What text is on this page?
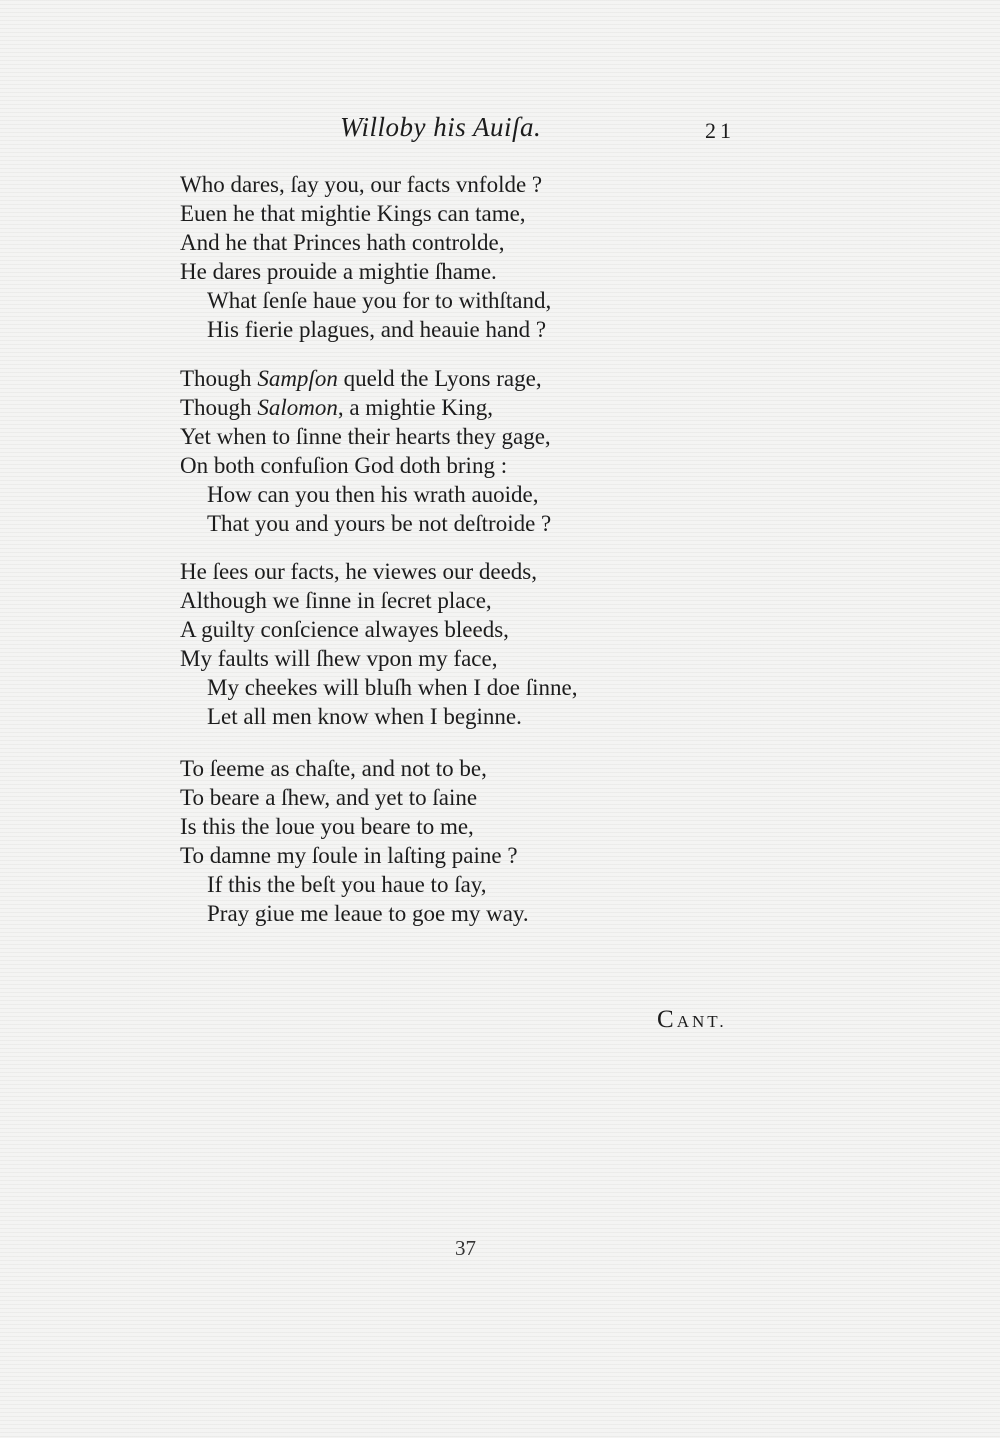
Willoby his Auiſa.	21
Who dares, ſay you, our facts vnfolde ?
Euen he that mightie Kings can tame,
And he that Princes hath controlde,
He dares prouide a mightie ſhame.
What ſenſe haue you for to withſtand,
His fierie plagues, and heauie hand ?
Though Sampſon queld the Lyons rage,
Though Salomon, a mightie King,
Yet when to ſinne their hearts they gage,
On both confuſion God doth bring :
How can you then his wrath auoide,
That you and yours be not deſtroide ?
He ſees our facts, he viewes our deeds,
Although we ſinne in ſecret place,
A guilty conſcience alwayes bleeds,
My faults will ſhew vpon my face,
My cheekes will bluſh when I doe ſinne,
Let all men know when I beginne.
To ſeeme as chaſte, and not to be,
To beare a ſhew, and yet to ſaine
Is this the loue you beare to me,
To damne my ſoule in laſting paine ?
If this the beſt you haue to ſay,
Pray giue me leaue to goe my way.
CANT.
37
